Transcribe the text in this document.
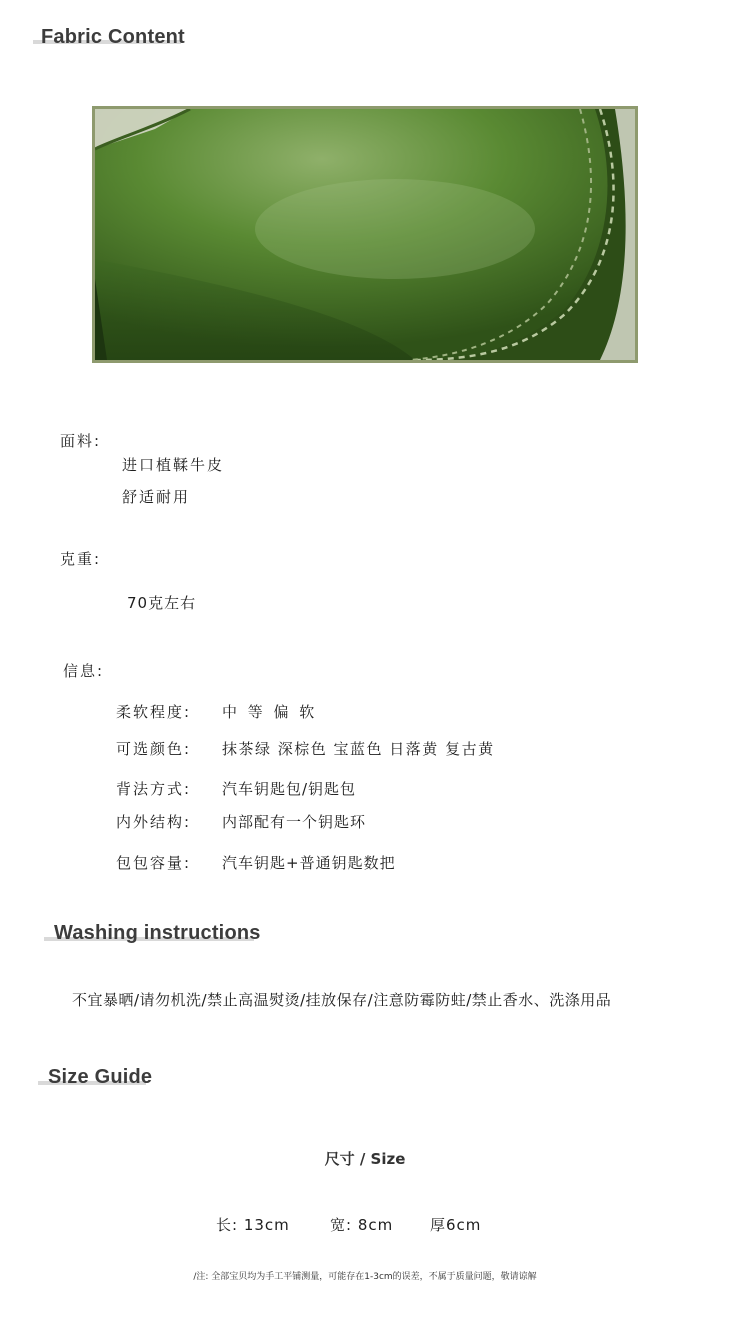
Fabric Content
面料:
进口植鞣牛皮
舒适耐用
克重:
70克左右
信息:
柔软程度: 中 等 偏 软
可选颜色: 抹茶绿 深棕色 宝蓝色 日落黄 复古黄
背法方式: 汽车钥匙包/钥匙包
内外结构: 内部配有一个钥匙环
包包容量: 汽车钥匙+普通钥匙数把
Washing instructions
不宜暴晒/请勿机洗/禁止高温熨烫/挂放保存/注意防霉防蛀/禁止香水、洗涤用品
Size Guide
尺寸 / Size
长: 13cm	宽: 8cm 厚6cm
/注: 全部宝贝均为手工平铺测量，可能存在1-3cm的误差，不属于质量问题，敬请谅解
